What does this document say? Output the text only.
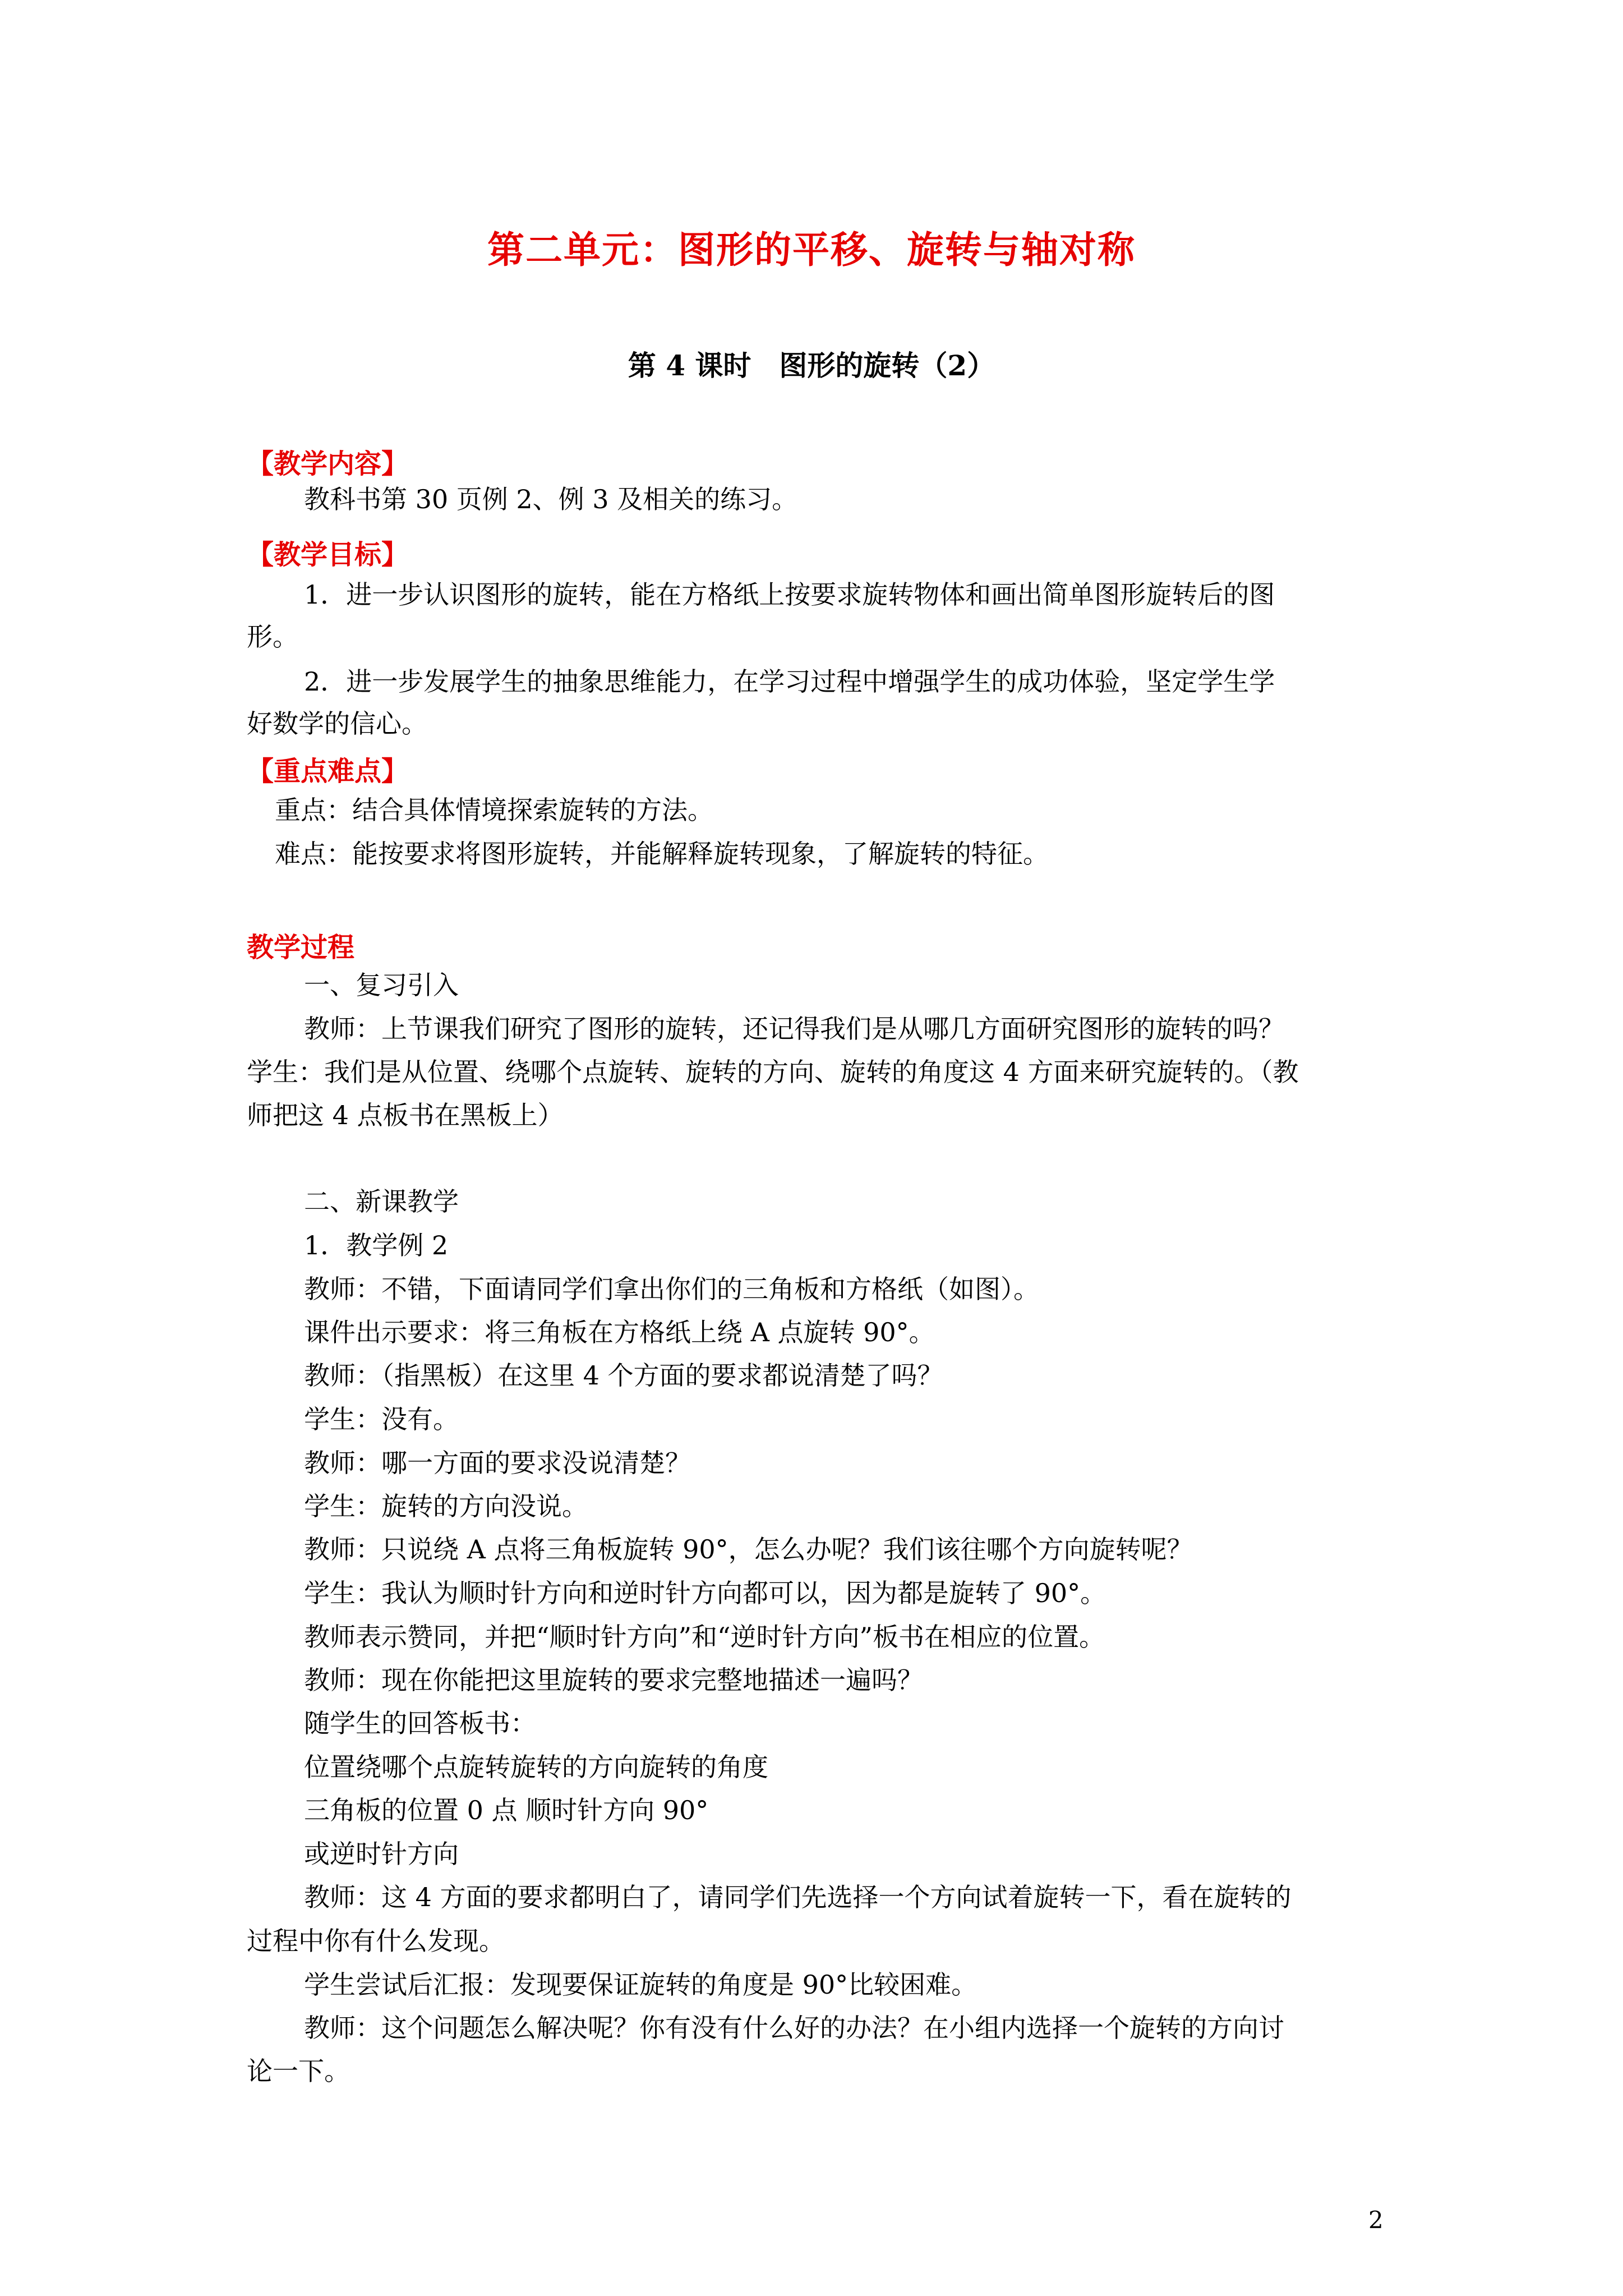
第二单元：图形的平移、旋转与轴对称
第 4 课时　图形的旋转（2）
【教学内容】
教科书第 30 页例 2、例 3 及相关的练习。
【教学目标】
1．进一步认识图形的旋转，能在方格纸上按要求旋转物体和画出简单图形旋转后的图
形。
2．进一步发展学生的抽象思维能力，在学习过程中增强学生的成功体验，坚定学生学
好数学的信心。
【重点难点】
重点：结合具体情境探索旋转的方法。
难点：能按要求将图形旋转，并能解释旋转现象，了解旋转的特征。
教学过程
一、复习引入
教师：上节课我们研究了图形的旋转，还记得我们是从哪几方面研究图形的旋转的吗？
学生：我们是从位置、绕哪个点旋转、旋转的方向、旋转的角度这 4 方面来研究旋转的。（教
师把这 4 点板书在黑板上）
二、新课教学
1．教学例 2
教师：不错，下面请同学们拿出你们的三角板和方格纸（如图）。
课件出示要求：将三角板在方格纸上绕 A 点旋转 90°。
教师：（指黑板）在这里 4 个方面的要求都说清楚了吗？
学生：没有。
教师：哪一方面的要求没说清楚？
学生：旋转的方向没说。
教师：只说绕 A 点将三角板旋转 90°，怎么办呢？我们该往哪个方向旋转呢？
学生：我认为顺时针方向和逆时针方向都可以，因为都是旋转了 90°。
教师表示赞同，并把“顺时针方向”和“逆时针方向”板书在相应的位置。
教师：现在你能把这里旋转的要求完整地描述一遍吗？
随学生的回答板书：
位置绕哪个点旋转旋转的方向旋转的角度
三角板的位置 0 点 顺时针方向 90°
或逆时针方向
教师：这 4 方面的要求都明白了，请同学们先选择一个方向试着旋转一下，看在旋转的
过程中你有什么发现。
学生尝试后汇报：发现要保证旋转的角度是 90°比较困难。
教师：这个问题怎么解决呢？你有没有什么好的办法？在小组内选择一个旋转的方向讨
论一下。
2
